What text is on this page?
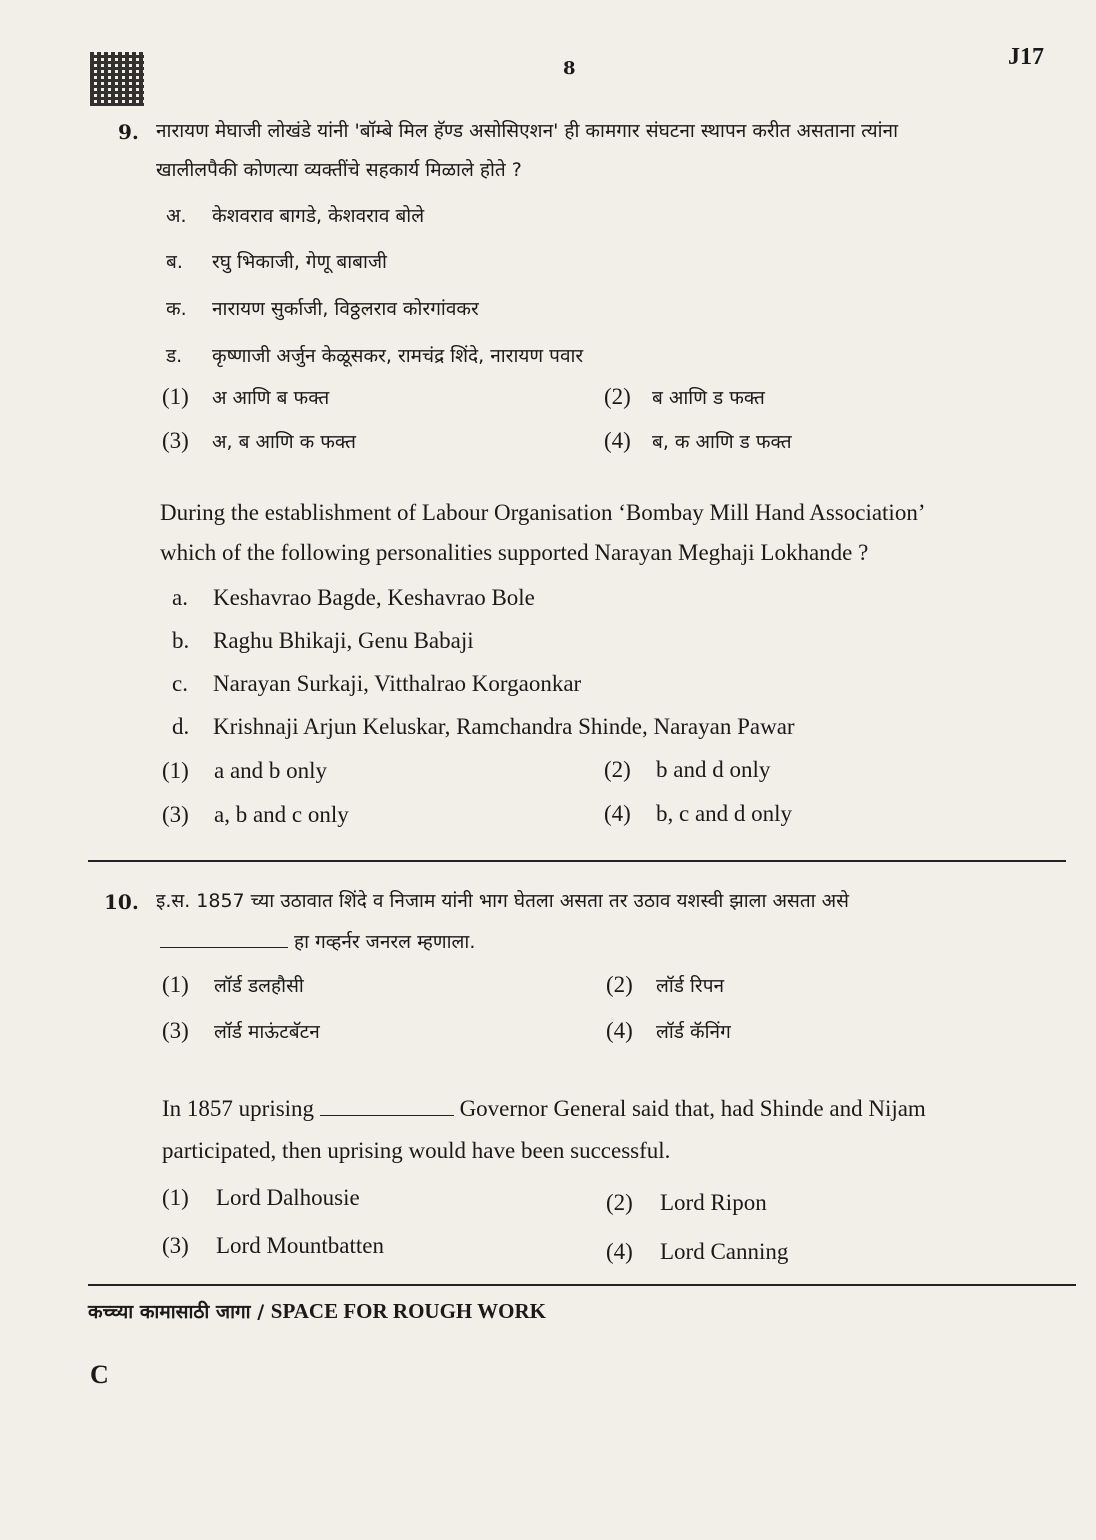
8	J17
9. नारायण मेघाजी लोखंडे यांनी 'बॉम्बे मिल हॅण्ड असोसिएशन' ही कामगार संघटना स्थापन करीत असताना त्यांना
खालीलपैकी कोणत्या व्यक्तींचे सहकार्य मिळाले होते ?
अ. केशवराव बागडे, केशवराव बोले
ब. रघु भिकाजी, गेणू बाबाजी
क. नारायण सुर्काजी, विठ्ठलराव कोरगांवकर
ड. कृष्णाजी अर्जुन केळूसकर, रामचंद्र शिंदे, नारायण पवार
(1) अ आणि ब फक्त	(2) ब आणि ड फक्त
(3) अ, ब आणि क फक्त	(4) ब, क आणि ड फक्त
During the establishment of Labour Organisation ‘Bombay Mill Hand Association’
which of the following personalities supported Narayan Meghaji Lokhande ?
a. Keshavrao Bagde, Keshavrao Bole
b. Raghu Bhikaji, Genu Babaji
c. Narayan Surkaji, Vitthalrao Korgaonkar
d. Krishnaji Arjun Keluskar, Ramchandra Shinde, Narayan Pawar
(1) a and b only	(2) b and d only
(3) a, b and c only	(4) b, c and d only
10. इ.स. 1857 च्या उठावात शिंदे व निजाम यांनी भाग घेतला असता तर उठाव यशस्वी झाला असता असे
हा गव्हर्नर जनरल म्हणाला.
(1) लॉर्ड डलहौसी	(2) लॉर्ड रिपन
(3) लॉर्ड माऊंटबॅटन	(4) लॉर्ड कॅनिंग
In 1857 uprising	Governor General said that, had Shinde and Nijam
participated, then uprising would have been successful.
(1) Lord Dalhousie	(2) Lord Ripon
(3) Lord Mountbatten	(4) Lord Canning
कच्च्या कामासाठी जागा / SPACE FOR ROUGH WORK
C
